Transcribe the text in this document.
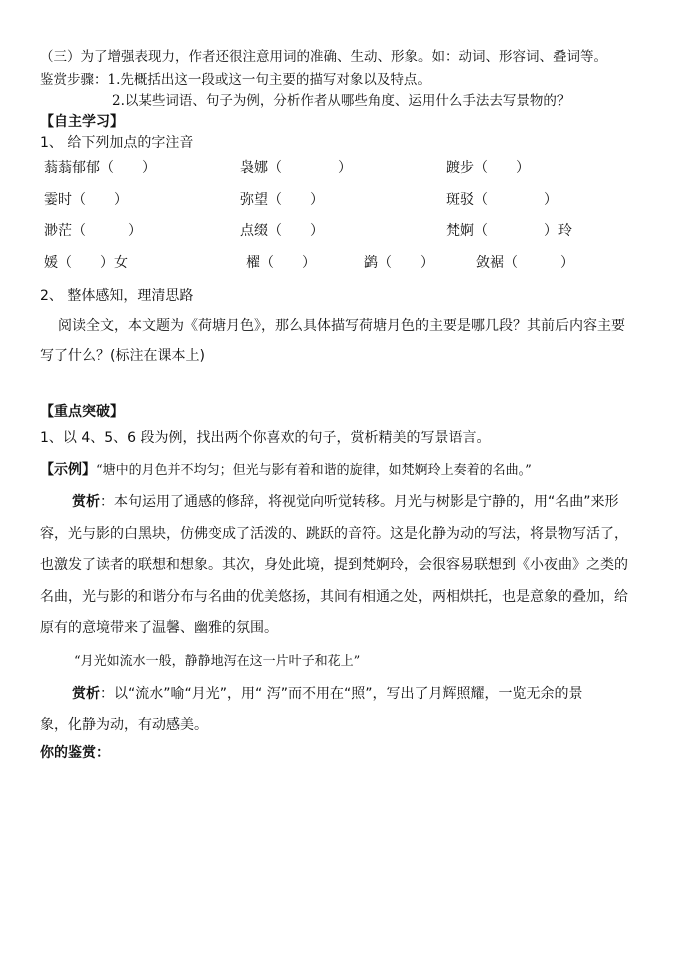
（三）为了增强表现力，作者还很注意用词的准确、生动、形象。如：动词、形容词、叠词等。
鉴赏步骤：1.先概括出这一段或这一句主要的描写对象以及特点。
2.以某些词语、句子为例，分析作者从哪些角度、运用什么手法去写景物的？
【自主学习】
1、 给下列加点的字注音
蓊蓊郁郁（　　）	袅娜（　　　　）	踱步（　　）
霎时（　　）	弥望（　　）	斑驳（　　　　）
渺茫（　　　）	点缀（　　）	梵婀（　　　　）玲
媛（　　）女	櫂（　　）	鹢（　　）	敛裾（　　　）
2、 整体感知，理清思路
阅读全文，本文题为《荷塘月色》，那么具体描写荷塘月色的主要是哪几段？其前后内容主要
写了什么？(标注在课本上)
【重点突破】
1、以 4、5、6 段为例，找出两个你喜欢的句子，赏析精美的写景语言。
【示例】“塘中的月色并不均匀；但光与影有着和谐的旋律，如梵婀玲上奏着的名曲。”
赏析：本句运用了通感的修辞，将视觉向听觉转移。月光与树影是宁静的，用“名曲”来形
容，光与影的白黑块，仿佛变成了活泼的、跳跃的音符。这是化静为动的写法，将景物写活了，
也激发了读者的联想和想象。其次，身处此境，提到梵婀玲，会很容易联想到《小夜曲》之类的
名曲，光与影的和谐分布与名曲的优美悠扬，其间有相通之处，两相烘托，也是意象的叠加，给
原有的意境带来了温馨、幽雅的氛围。
“月光如流水一般，静静地泻在这一片叶子和花上”
赏析：以“流水”喻“月光”，用“ 泻”而不用在“照”，写出了月辉照耀，一览无余的景
象，化静为动，有动感美。
你的鉴赏：
